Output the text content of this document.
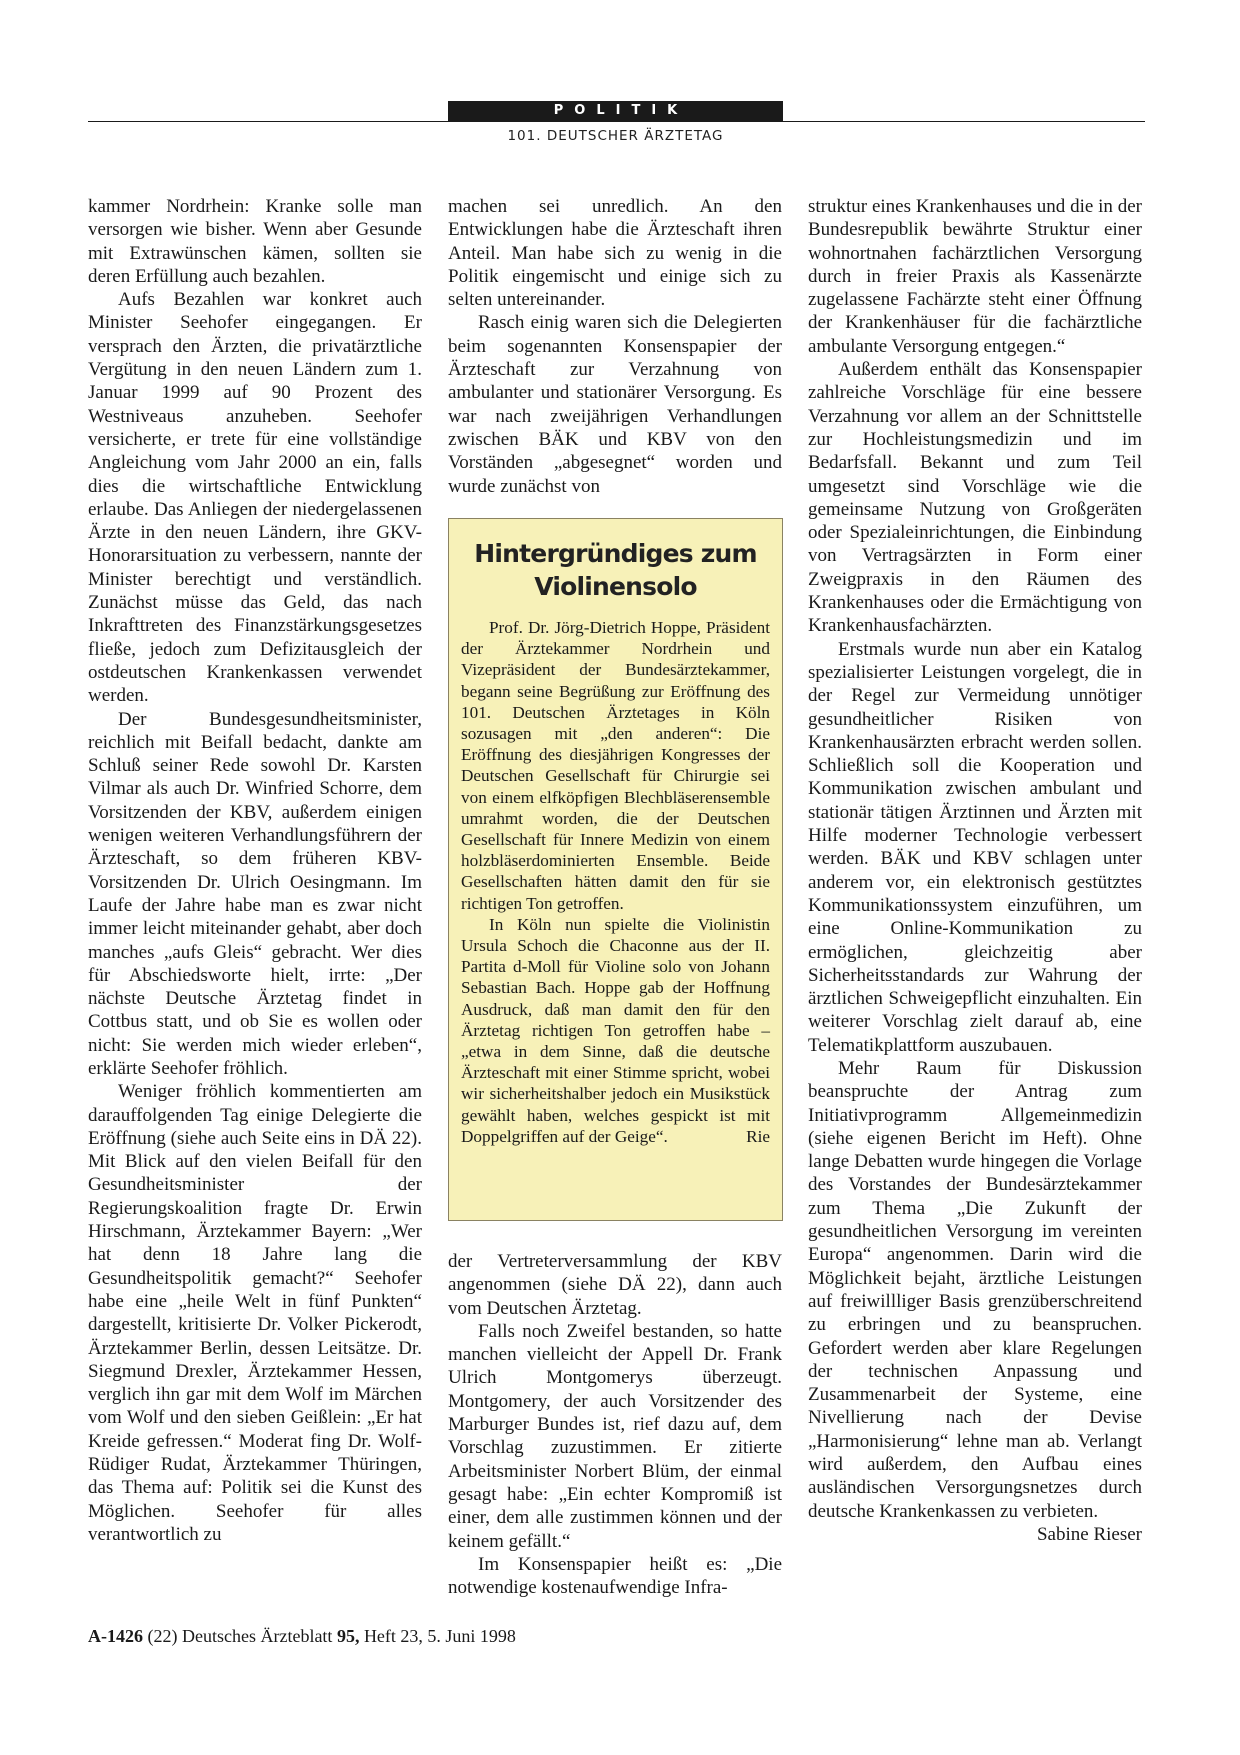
POLITIK
101. DEUTSCHER ÄRZTETAG

kammer Nordrhein: Kranke solle man versorgen wie bisher. Wenn aber Gesunde mit Extrawünschen kämen, sollten sie deren Erfüllung auch bezahlen.

Aufs Bezahlen war konkret auch Minister Seehofer eingegangen. Er versprach den Ärzten, die privatärztliche Vergütung in den neuen Ländern zum 1. Januar 1999 auf 90 Prozent des Westniveaus anzuheben. Seehofer versicherte, er trete für eine vollständige Angleichung vom Jahr 2000 an ein, falls dies die wirtschaftliche Entwicklung erlaube. Das Anliegen der niedergelassenen Ärzte in den neuen Ländern, ihre GKV-Honorarsituation zu verbessern, nannte der Minister berechtigt und verständlich. Zunächst müsse das Geld, das nach Inkrafttreten des Finanzstärkungsgesetzes fließe, jedoch zum Defizitausgleich der ostdeutschen Krankenkassen verwendet werden.

Der Bundesgesundheitsminister, reichlich mit Beifall bedacht, dankte am Schluß seiner Rede sowohl Dr. Karsten Vilmar als auch Dr. Winfried Schorre, dem Vorsitzenden der KBV, außerdem einigen wenigen weiteren Verhandlungsführern der Ärzteschaft, so dem früheren KBV-Vorsitzenden Dr. Ulrich Oesingmann. Im Laufe der Jahre habe man es zwar nicht immer leicht miteinander gehabt, aber doch manches „aufs Gleis“ gebracht. Wer dies für Abschiedsworte hielt, irrte: „Der nächste Deutsche Ärztetag findet in Cottbus statt, und ob Sie es wollen oder nicht: Sie werden mich wieder erleben“, erklärte Seehofer fröhlich.

Weniger fröhlich kommentierten am darauffolgenden Tag einige Delegierte die Eröffnung (siehe auch Seite eins in DÄ 22). Mit Blick auf den vielen Beifall für den Gesundheitsminister der Regierungskoalition fragte Dr. Erwin Hirschmann, Ärztekammer Bayern: „Wer hat denn 18 Jahre lang die Gesundheitspolitik gemacht?“ Seehofer habe eine „heile Welt in fünf Punkten“ dargestellt, kritisierte Dr. Volker Pickerodt, Ärztekammer Berlin, dessen Leitsätze. Dr. Siegmund Drexler, Ärztekammer Hessen, verglich ihn gar mit dem Wolf im Märchen vom Wolf und den sieben Geißlein: „Er hat Kreide gefressen.“ Moderat fing Dr. Wolf-Rüdiger Rudat, Ärztekammer Thüringen, das Thema auf: Politik sei die Kunst des Möglichen. Seehofer für alles verantwortlich zu

machen sei unredlich. An den Entwicklungen habe die Ärzteschaft ihren Anteil. Man habe sich zu wenig in die Politik eingemischt und einige sich zu selten untereinander.

Rasch einig waren sich die Delegierten beim sogenannten Konsenspapier der Ärzteschaft zur Verzahnung von ambulanter und stationärer Versorgung. Es war nach zweijährigen Verhandlungen zwischen BÄK und KBV von den Vorständen „abgesegnet“ worden und wurde zunächst von

Hintergründiges zum Violinensolo

Prof. Dr. Jörg-Dietrich Hoppe, Präsident der Ärztekammer Nordrhein und Vizepräsident der Bundesärztekammer, begann seine Begrüßung zur Eröffnung des 101. Deutschen Ärztetages in Köln sozusagen mit „den anderen“: Die Eröffnung des diesjährigen Kongresses der Deutschen Gesellschaft für Chirurgie sei von einem elfköpfigen Blechbläserensemble umrahmt worden, die der Deutschen Gesellschaft für Innere Medizin von einem holzbläserdominierten Ensemble. Beide Gesellschaften hätten damit den für sie richtigen Ton getroffen.

In Köln nun spielte die Violinistin Ursula Schoch die Chaconne aus der II. Partita d-Moll für Violine solo von Johann Sebastian Bach. Hoppe gab der Hoffnung Ausdruck, daß man damit den für den Ärztetag richtigen Ton getroffen habe – „etwa in dem Sinne, daß die deutsche Ärzteschaft mit einer Stimme spricht, wobei wir sicherheitshalber jedoch ein Musikstück gewählt haben, welches gespickt ist mit Doppelgriffen auf der Geige“.	Rie

der Vertreterversammlung der KBV angenommen (siehe DÄ 22), dann auch vom Deutschen Ärztetag.

Falls noch Zweifel bestanden, so hatte manchen vielleicht der Appell Dr. Frank Ulrich Montgomerys überzeugt. Montgomery, der auch Vorsitzender des Marburger Bundes ist, rief dazu auf, dem Vorschlag zuzustimmen. Er zitierte Arbeitsminister Norbert Blüm, der einmal gesagt habe: „Ein echter Kompromiß ist einer, dem alle zustimmen können und der keinem gefällt.“

Im Konsenspapier heißt es: „Die notwendige kostenaufwendige Infra-

struktur eines Krankenhauses und die in der Bundesrepublik bewährte Struktur einer wohnortnahen fachärztlichen Versorgung durch in freier Praxis als Kassenärzte zugelassene Fachärzte steht einer Öffnung der Krankenhäuser für die fachärztliche ambulante Versorgung entgegen.“

Außerdem enthält das Konsenspapier zahlreiche Vorschläge für eine bessere Verzahnung vor allem an der Schnittstelle zur Hochleistungsmedizin und im Bedarfsfall. Bekannt und zum Teil umgesetzt sind Vorschläge wie die gemeinsame Nutzung von Großgeräten oder Spezialeinrichtungen, die Einbindung von Vertragsärzten in Form einer Zweigpraxis in den Räumen des Krankenhauses oder die Ermächtigung von Krankenhausfachärzten.

Erstmals wurde nun aber ein Katalog spezialisierter Leistungen vorgelegt, die in der Regel zur Vermeidung unnötiger gesundheitlicher Risiken von Krankenhausärzten erbracht werden sollen. Schließlich soll die Kooperation und Kommunikation zwischen ambulant und stationär tätigen Ärztinnen und Ärzten mit Hilfe moderner Technologie verbessert werden. BÄK und KBV schlagen unter anderem vor, ein elektronisch gestütztes Kommunikationssystem einzuführen, um eine Online-Kommunikation zu ermöglichen, gleichzeitig aber Sicherheitsstandards zur Wahrung der ärztlichen Schweigepflicht einzuhalten. Ein weiterer Vorschlag zielt darauf ab, eine Telematikplattform auszubauen.

Mehr Raum für Diskussion beanspruchte der Antrag zum Initiativprogramm Allgemeinmedizin (siehe eigenen Bericht im Heft). Ohne lange Debatten wurde hingegen die Vorlage des Vorstandes der Bundesärztekammer zum Thema „Die Zukunft der gesundheitlichen Versorgung im vereinten Europa“ angenommen. Darin wird die Möglichkeit bejaht, ärztliche Leistungen auf freiwillliger Basis grenzüberschreitend zu erbringen und zu beanspruchen. Gefordert werden aber klare Regelungen der technischen Anpassung und Zusammenarbeit der Systeme, eine Nivellierung nach der Devise „Harmonisierung“ lehne man ab. Verlangt wird außerdem, den Aufbau eines ausländischen Versorgungsnetzes durch deutsche Krankenkassen zu verbieten.
Sabine Rieser

A-1426 (22) Deutsches Ärzteblatt 95, Heft 23, 5. Juni 1998
